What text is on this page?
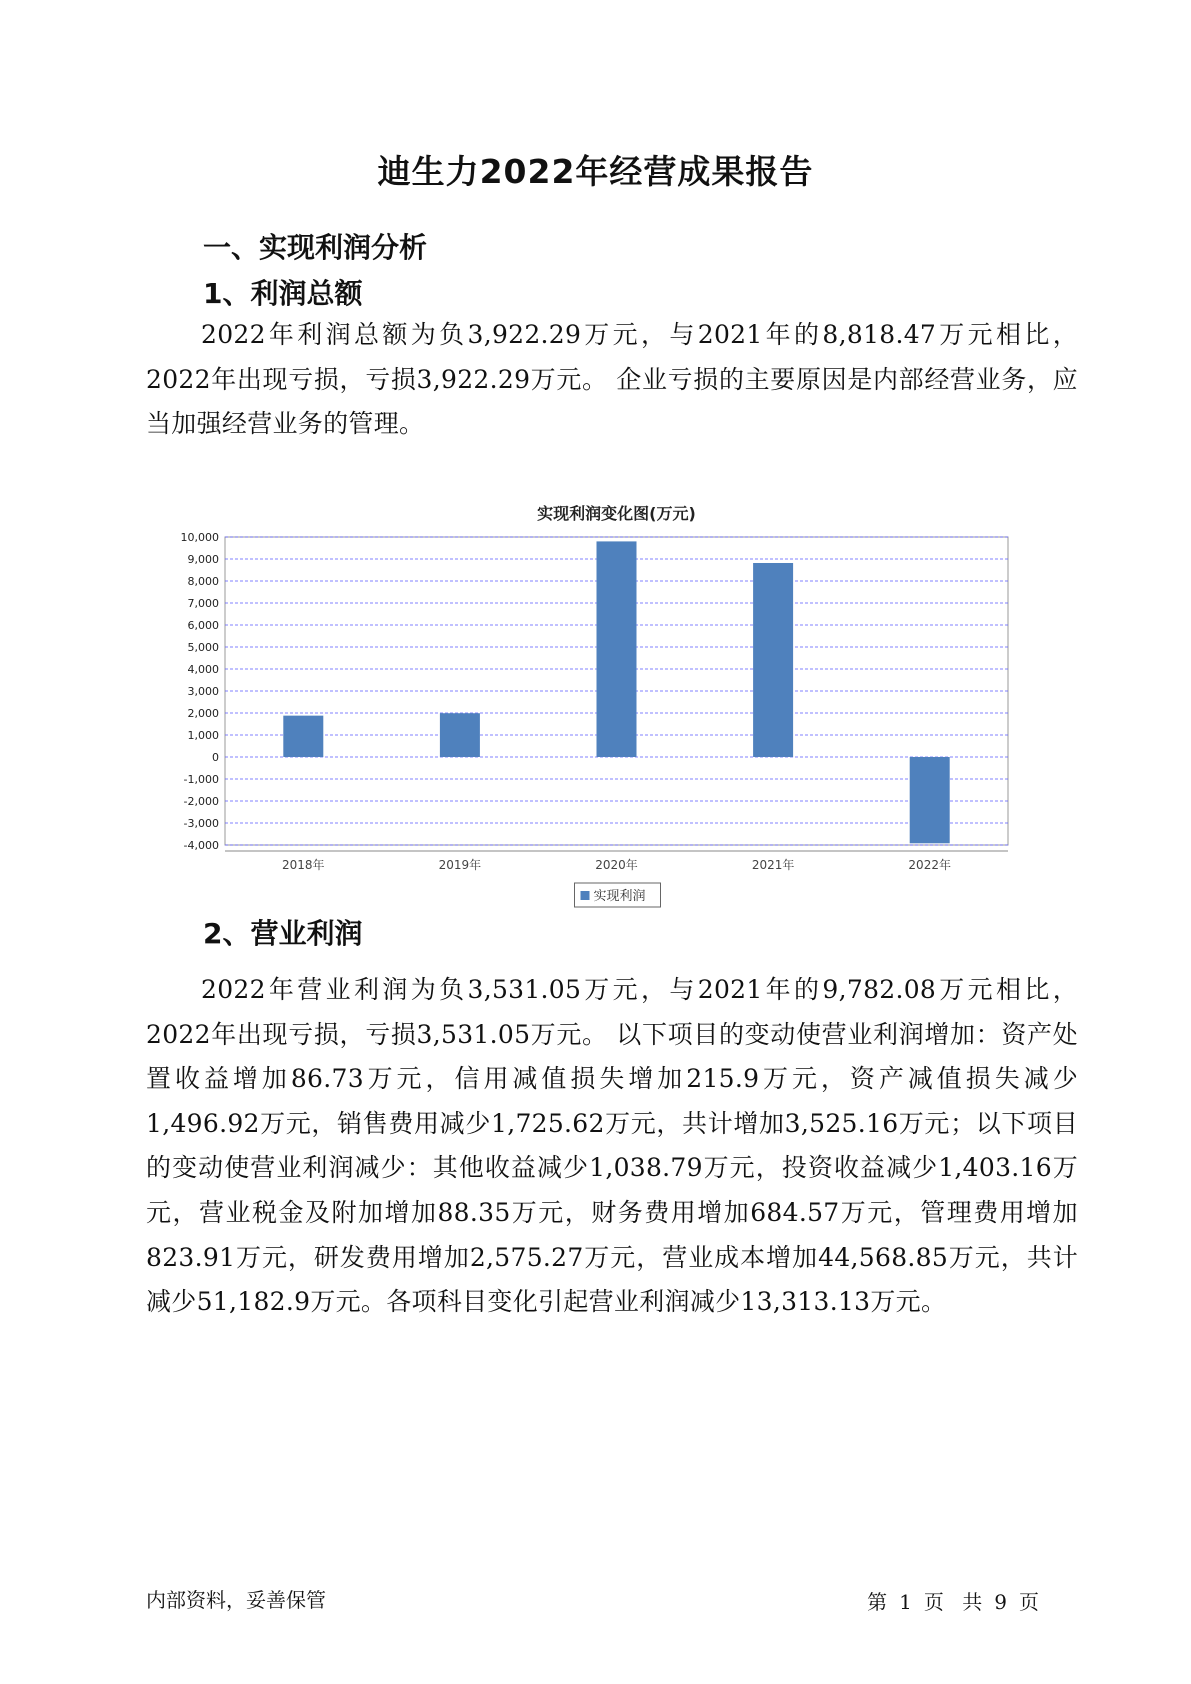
迪生力2022年经营成果报告
一、实现利润分析
1、利润总额

2022年利润总额为负3,922.29万元，与2021年的8,818.47万元相比，2022年出现亏损，亏损3,922.29万元。 企业亏损的主要原因是内部经营业务，应当加强经营业务的管理。

实现利润变化图(万元)
10,000
9,000
8,000
7,000
6,000
5,000
4,000
3,000
2,000
1,000
0
-1,000
-2,000
-3,000
-4,000
2018年	2019年	2020年	2021年	2022年
实现利润
2、营业利润

2022年营业利润为负3,531.05万元，与2021年的9,782.08万元相比，2022年出现亏损，亏损3,531.05万元。 以下项目的变动使营业利润增加：资产处置收益增加86.73万元，信用减值损失增加215.9万元，资产减值损失减少1,496.92万元，销售费用减少1,725.62万元，共计增加3,525.16万元；以下项目的变动使营业利润减少：其他收益减少1,038.79万元，投资收益减少1,403.16万元，营业税金及附加增加88.35万元，财务费用增加684.57万元，管理费用增加823.91万元，研发费用增加2,575.27万元，营业成本增加44,568.85万元，共计减少51,182.9万元。各项科目变化引起营业利润减少13,313.13万元。

内部资料，妥善保管	第 1 页 共 9 页
